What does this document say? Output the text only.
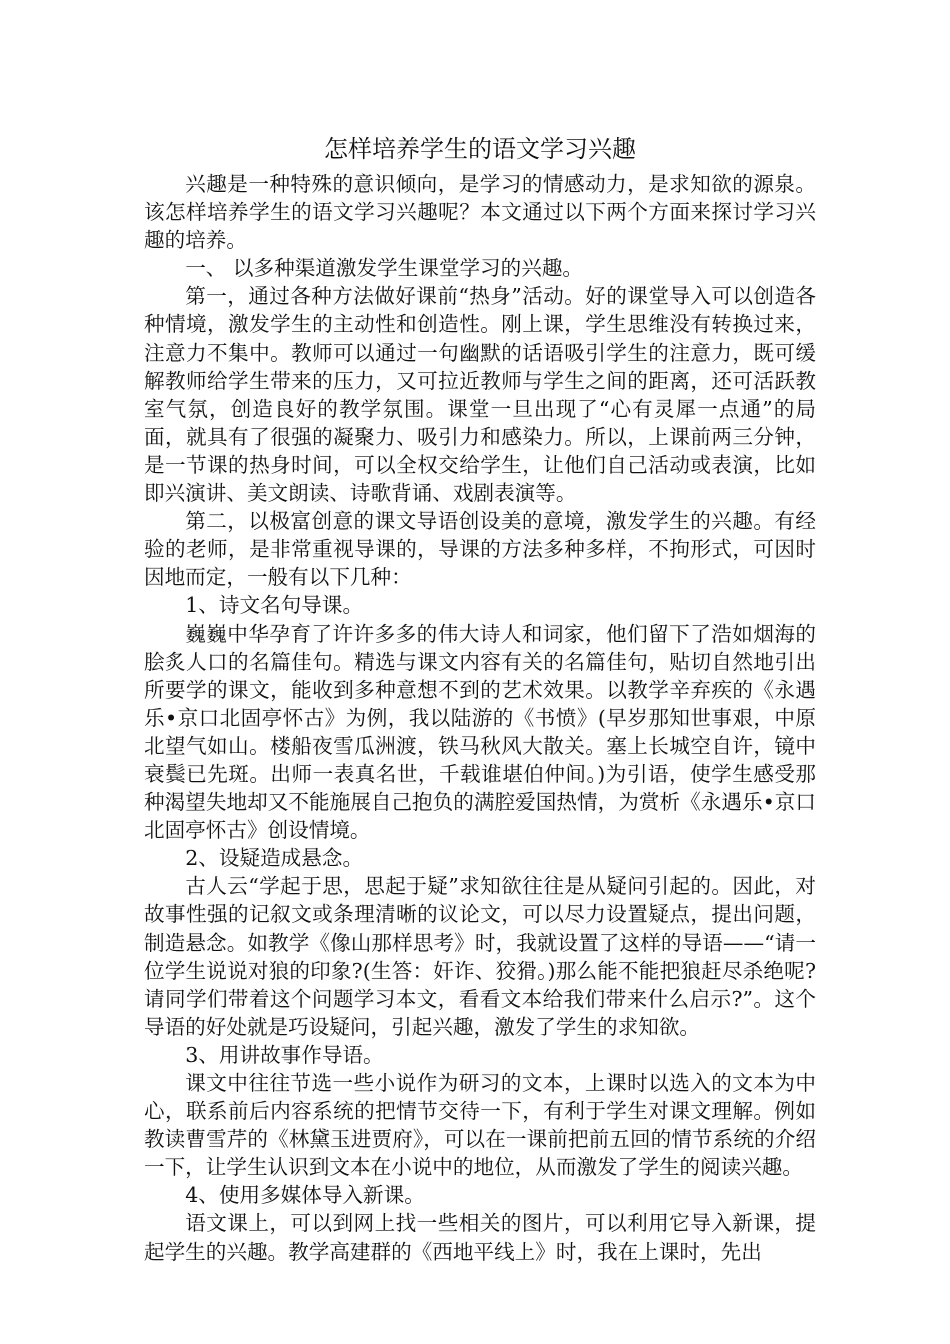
怎样培养学生的语文学习兴趣

兴趣是一种特殊的意识倾向，是学习的情感动力，是求知欲的源泉。该怎样培养学生的语文学习兴趣呢？本文通过以下两个方面来探讨学习兴趣的培养。

一、 以多种渠道激发学生课堂学习的兴趣。

第一，通过各种方法做好课前“热身”活动。好的课堂导入可以创造各种情境，激发学生的主动性和创造性。刚上课，学生思维没有转换过来，注意力不集中。教师可以通过一句幽默的话语吸引学生的注意力，既可缓解教师给学生带来的压力，又可拉近教师与学生之间的距离，还可活跃教室气氛，创造良好的教学氛围。课堂一旦出现了“心有灵犀一点通”的局面，就具有了很强的凝聚力、吸引力和感染力。所以，上课前两三分钟，是一节课的热身时间，可以全权交给学生，让他们自己活动或表演，比如即兴演讲、美文朗读、诗歌背诵、戏剧表演等。

第二，以极富创意的课文导语创设美的意境，激发学生的兴趣。有经验的老师，是非常重视导课的，导课的方法多种多样，不拘形式，可因时因地而定，一般有以下几种：

1、诗文名句导课。

巍巍中华孕育了许许多多的伟大诗人和词家，他们留下了浩如烟海的脍炙人口的名篇佳句。精选与课文内容有关的名篇佳句，贴切自然地引出所要学的课文，能收到多种意想不到的艺术效果。以教学辛弃疾的《永遇乐•京口北固亭怀古》为例，我以陆游的《书愤》(早岁那知世事艰，中原北望气如山。楼船夜雪瓜洲渡，铁马秋风大散关。塞上长城空自许，镜中衰鬓已先斑。出师一表真名世，千载谁堪伯仲间。)为引语，使学生感受那种渴望失地却又不能施展自己抱负的满腔爱国热情，为赏析《永遇乐•京口北固亭怀古》创设情境。

2、设疑造成悬念。

古人云“学起于思，思起于疑”求知欲往往是从疑问引起的。因此，对故事性强的记叙文或条理清晰的议论文，可以尽力设置疑点，提出问题，制造悬念。如教学《像山那样思考》时，我就设置了这样的导语——“请一位学生说说对狼的印象?(生答：奸诈、狡猾。)那么能不能把狼赶尽杀绝呢?请同学们带着这个问题学习本文，看看文本给我们带来什么启示?”。这个导语的好处就是巧设疑问，引起兴趣，激发了学生的求知欲。

3、用讲故事作导语。

课文中往往节选一些小说作为研习的文本，上课时以选入的文本为中心，联系前后内容系统的把情节交待一下，有利于学生对课文理解。例如教读曹雪芹的《林黛玉进贾府》，可以在一课前把前五回的情节系统的介绍一下，让学生认识到文本在小说中的地位，从而激发了学生的阅读兴趣。

4、使用多媒体导入新课。

语文课上，可以到网上找一些相关的图片，可以利用它导入新课，提起学生的兴趣。教学高建群的《西地平线上》时，我在上课时，先出
